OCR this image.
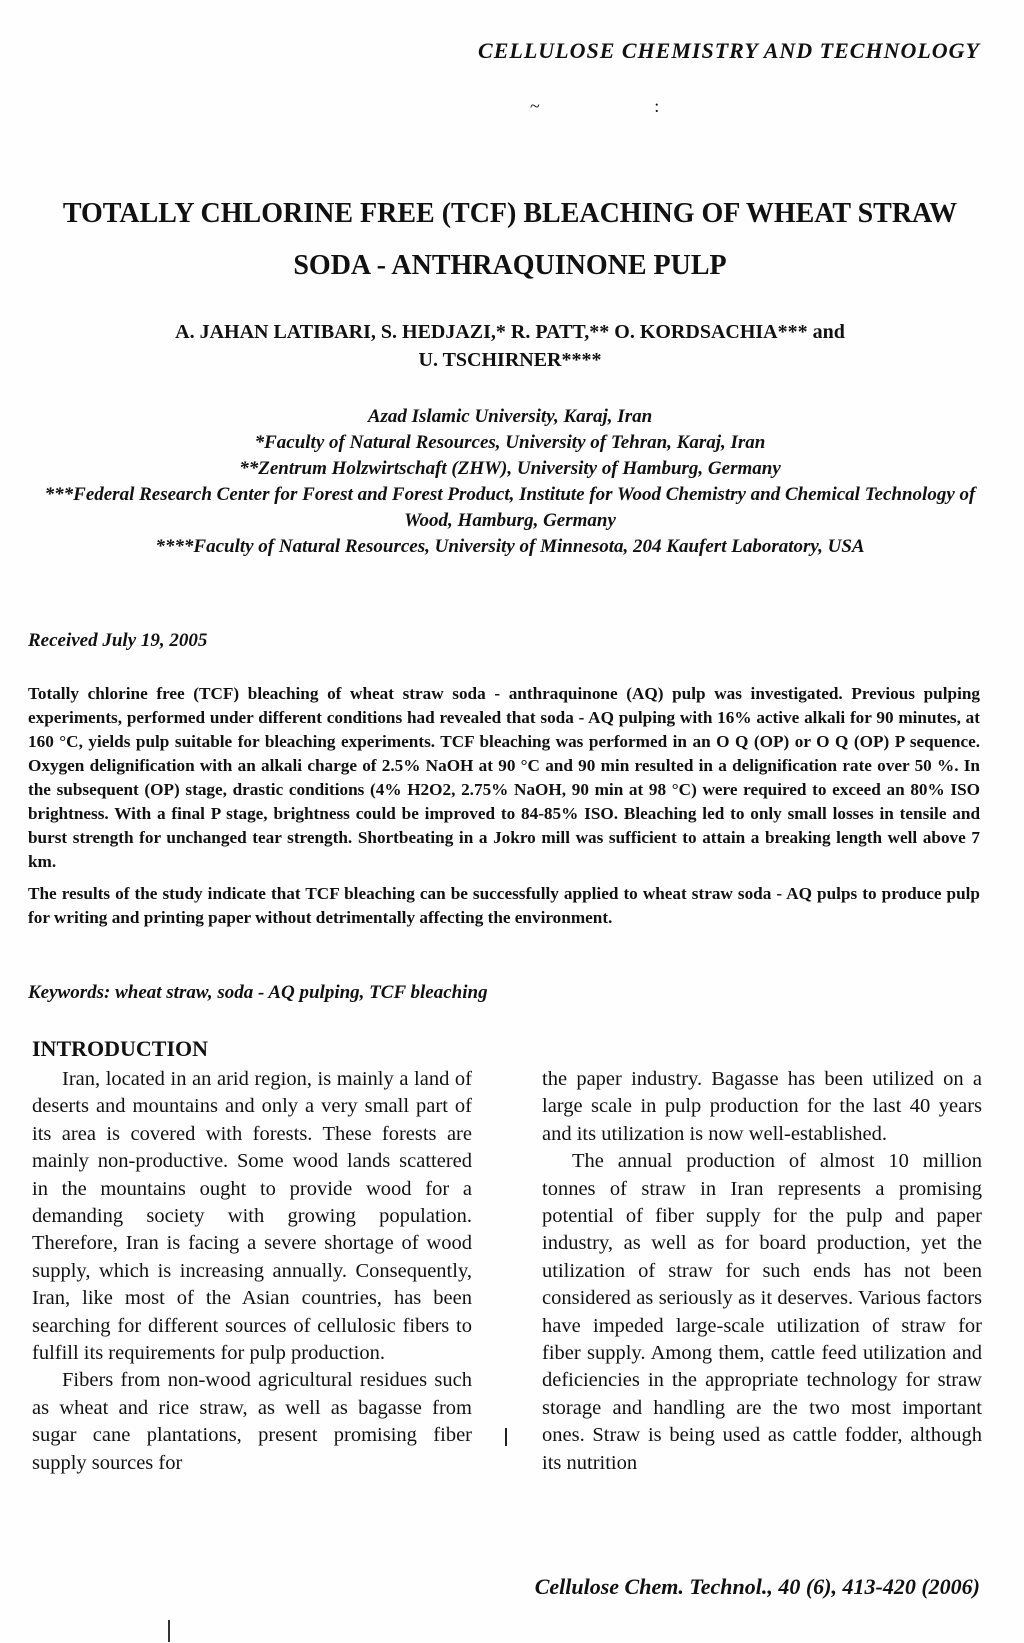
CELLULOSE CHEMISTRY AND TECHNOLOGY
~ :
TOTALLY CHLORINE FREE (TCF) BLEACHING OF WHEAT STRAW
SODA - ANTHRAQUINONE PULP
A. JAHAN LATIBARI, S. HEDJAZI,* R. PATT,** O. KORDSACHIA*** and
U. TSCHIRNER****
Azad Islamic University, Karaj, Iran
*Faculty of Natural Resources, University of Tehran, Karaj, Iran
**Zentrum Holzwirtschaft (ZHW), University of Hamburg, Germany
***Federal Research Center for Forest and Forest Product, Institute for Wood Chemistry and Chemical Technology of Wood, Hamburg, Germany
****Faculty of Natural Resources, University of Minnesota, 204 Kaufert Laboratory, USA
Received July 19, 2005

Totally chlorine free (TCF) bleaching of wheat straw soda - anthraquinone (AQ) pulp was investigated. Previous pulping experiments, performed under different conditions had revealed that soda - AQ pulping with 16% active alkali for 90 minutes, at 160 °C, yields pulp suitable for bleaching experiments. TCF bleaching was performed in an O Q (OP) or O Q (OP) P sequence. Oxygen delignification with an alkali charge of 2.5% NaOH at 90 °C and 90 min resulted in a delignification rate over 50 %. In the subsequent (OP) stage, drastic conditions (4% H2O2, 2.75% NaOH, 90 min at 98 °C) were required to exceed an 80% ISO brightness. With a final P stage, brightness could be improved to 84-85% ISO. Bleaching led to only small losses in tensile and burst strength for unchanged tear strength. Shortbeating in a Jokro mill was sufficient to attain a breaking length well above 7 km.

The results of the study indicate that TCF bleaching can be successfully applied to wheat straw soda - AQ pulps to produce pulp for writing and printing paper without detrimentally affecting the environment.

Keywords: wheat straw, soda - AQ pulping, TCF bleaching
INTRODUCTION

Iran, located in an arid region, is mainly a land of deserts and mountains and only a very small part of its area is covered with forests. These forests are mainly non-productive. Some wood lands scattered in the mountains ought to provide wood for a demanding society with growing population. Therefore, Iran is facing a severe shortage of wood supply, which is increasing annually. Consequently, Iran, like most of the Asian countries, has been searching for different sources of cellulosic fibers to fulfill its requirements for pulp production.

Fibers from non-wood agricultural residues such as wheat and rice straw, as well as bagasse from sugar cane plantations, present promising fiber supply sources for

the paper industry. Bagasse has been utilized on a large scale in pulp production for the last 40 years and its utilization is now well-established.

The annual production of almost 10 million tonnes of straw in Iran represents a promising potential of fiber supply for the pulp and paper industry, as well as for board production, yet the utilization of straw for such ends has not been considered as seriously as it deserves. Various factors have impeded large-scale utilization of straw for fiber supply. Among them, cattle feed utilization and deficiencies in the appropriate technology for straw storage and handling are the two most important ones. Straw is being used as cattle fodder, although its nutrition

Cellulose Chem. Technol., 40 (6), 413-420 (2006)
